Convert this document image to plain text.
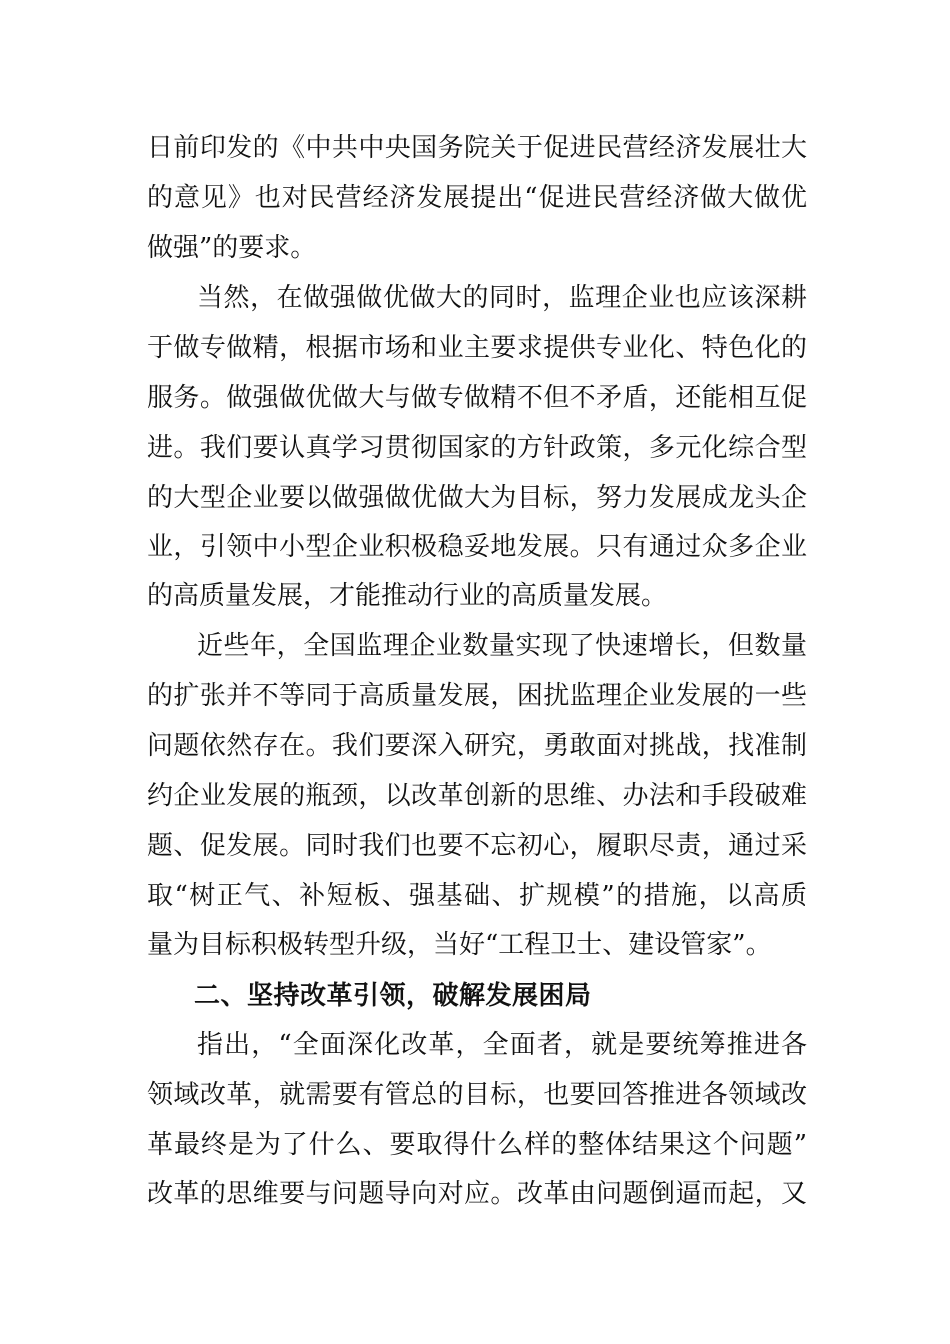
日前印发的《中共中央国务院关于促进民营经济发展壮大
的意见》也对民营经济发展提出“促进民营经济做大做优
做强”的要求。
当然，在做强做优做大的同时，监理企业也应该深耕
于做专做精，根据市场和业主要求提供专业化、特色化的
服务。做强做优做大与做专做精不但不矛盾，还能相互促
进。我们要认真学习贯彻国家的方针政策，多元化综合型
的大型企业要以做强做优做大为目标，努力发展成龙头企
业，引领中小型企业积极稳妥地发展。只有通过众多企业
的高质量发展，才能推动行业的高质量发展。
近些年，全国监理企业数量实现了快速增长，但数量
的扩张并不等同于高质量发展，困扰监理企业发展的一些
问题依然存在。我们要深入研究，勇敢面对挑战，找准制
约企业发展的瓶颈，以改革创新的思维、办法和手段破难
题、促发展。同时我们也要不忘初心，履职尽责，通过采
取“树正气、补短板、强基础、扩规模”的措施，以高质
量为目标积极转型升级，当好“工程卫士、建设管家”。
二、坚持改革引领，破解发展困局
指出，“全面深化改革，全面者，就是要统筹推进各
领域改革，就需要有管总的目标，也要回答推进各领域改
革最终是为了什么、要取得什么样的整体结果这个问题”
改革的思维要与问题导向对应。改革由问题倒逼而起，又
